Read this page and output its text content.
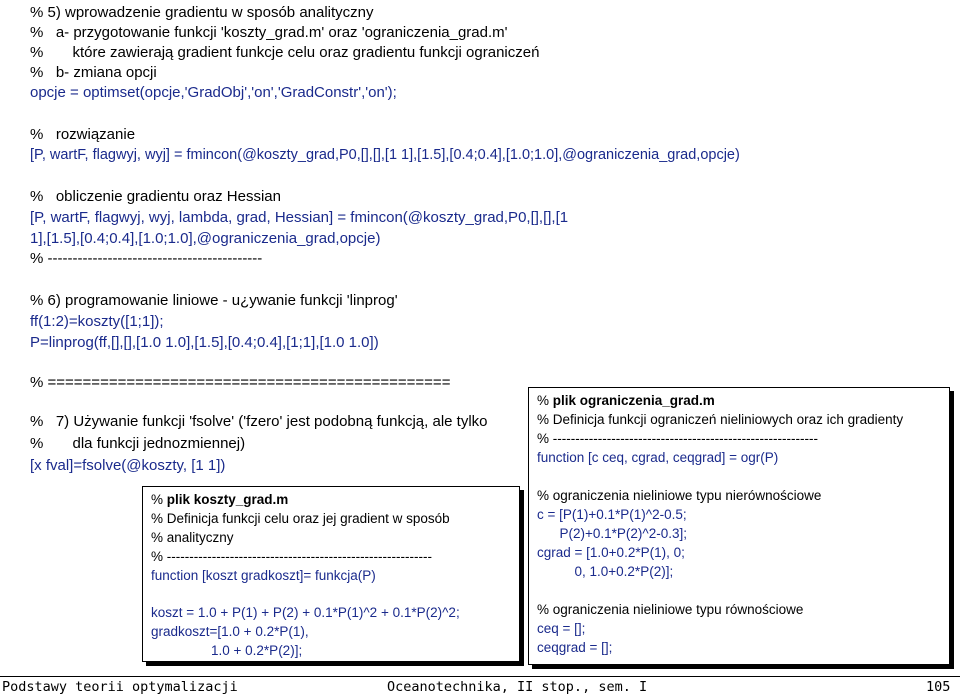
% 5) wprowadzenie gradientu w sposób analityczny
%   a- przygotowanie funkcji 'koszty_grad.m' oraz 'ograniczenia_grad.m'
%       które zawierają gradient funkcje celu oraz gradientu funkcji ograniczeń
%   b- zmiana opcji
opcje = optimset(opcje,'GradObj','on','GradConstr','on');
%   rozwiązanie
[P, wartF, flagwyj, wyj] = fmincon(@koszty_grad,P0,[],[],[1 1],[1.5],[0.4;0.4],[1.0;1.0],@ograniczenia_grad,opcje)
%   obliczenie gradientu oraz Hessian
[P, wartF, flagwyj, wyj, lambda, grad, Hessian] = fmincon(@koszty_grad,P0,[],[],[1
1],[1.5],[0.4;0.4],[1.0;1.0],@ograniczenia_grad,opcje)
% -------------------------------------------
% 6) programowanie liniowe - u¿ywanie funkcji 'linprog'
ff(1:2)=koszty([1;1]);
P=linprog(ff,[],[],[1.0 1.0],[1.5],[0.4;0.4],[1;1],[1.0 1.0])
% ==============================================
%   7) Używanie funkcji 'fsolve' ('fzero' jest podobną funkcją, ale tylko
%       dla funkcji jednozmiennej)
[x fval]=fsolve(@koszty, [1 1])
% plik ograniczenia_grad.m
% Definicja funkcji ograniczeń nieliniowych oraz ich gradienty
% -----------------------------------------------------------
function [c ceq, cgrad, ceqgrad] = ogr(P)
% ograniczenia nieliniowe typu nierównościowe
c = [P(1)+0.1*P(1)^2-0.5;
P(2)+0.1*P(2)^2-0.3];
cgrad = [1.0+0.2*P(1), 0;
0, 1.0+0.2*P(2)];
% ograniczenia nieliniowe typu równościowe
ceq = [];
ceqgrad = [];
% plik koszty_grad.m
% Definicja funkcji celu oraz jej gradient w sposób
% analityczny
% -----------------------------------------------------------
function [koszt gradkoszt]= funkcja(P)
koszt = 1.0 + P(1) + P(2) + 0.1*P(1)^2 + 0.1*P(2)^2;
gradkoszt=[1.0 + 0.2*P(1),
1.0 + 0.2*P(2)];
Podstawy teorii optymalizacji	Oceanotechnika, II stop., sem. I	105
